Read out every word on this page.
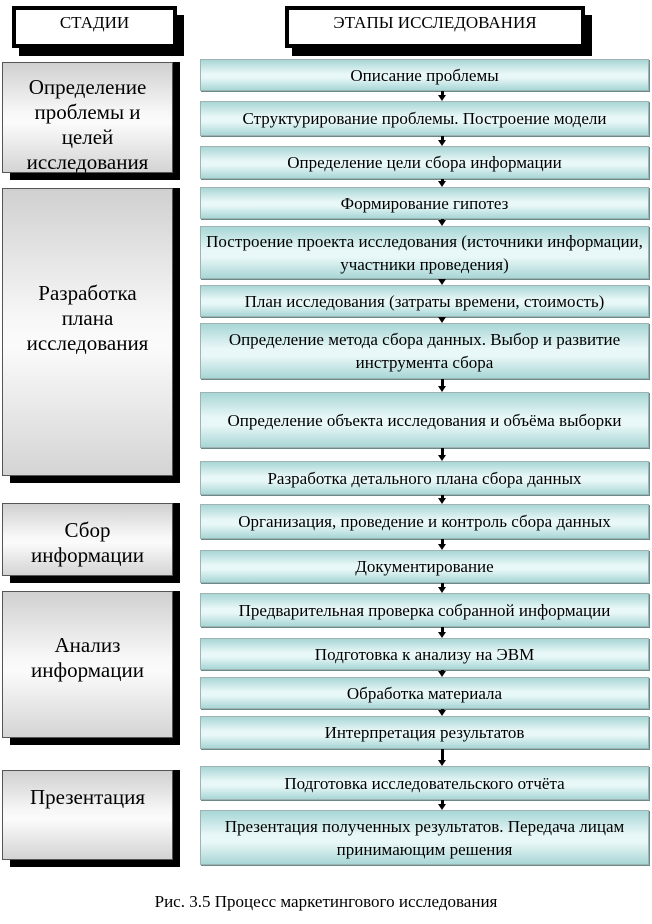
СТАДИИ	ЭТАПЫ ИССЛЕДОВАНИЯ
Определение
проблемы и
целей
исследования
Разработка
плана
исследования
Сбор
информации
Анализ
информации
Презентация
Описание проблемы
Структурирование проблемы. Построение модели
Определение цели сбора информации
Формирование гипотез
Построение проекта исследования (источники информации, участники проведения)
План исследования (затраты времени, стоимость)
Определение метода сбора данных. Выбор и развитие инструмента сбора
Определение объекта исследования и объёма выборки
Разработка детального плана сбора данных
Организация, проведение и контроль сбора данных
Документирование
Предварительная проверка собранной информации
Подготовка к анализу на ЭВМ
Обработка материала
Интерпретация результатов
Подготовка исследовательского отчёта
Презентация полученных результатов. Передача лицам принимающим решения
Рис. 3.5 Процесс маркетингового исследования
